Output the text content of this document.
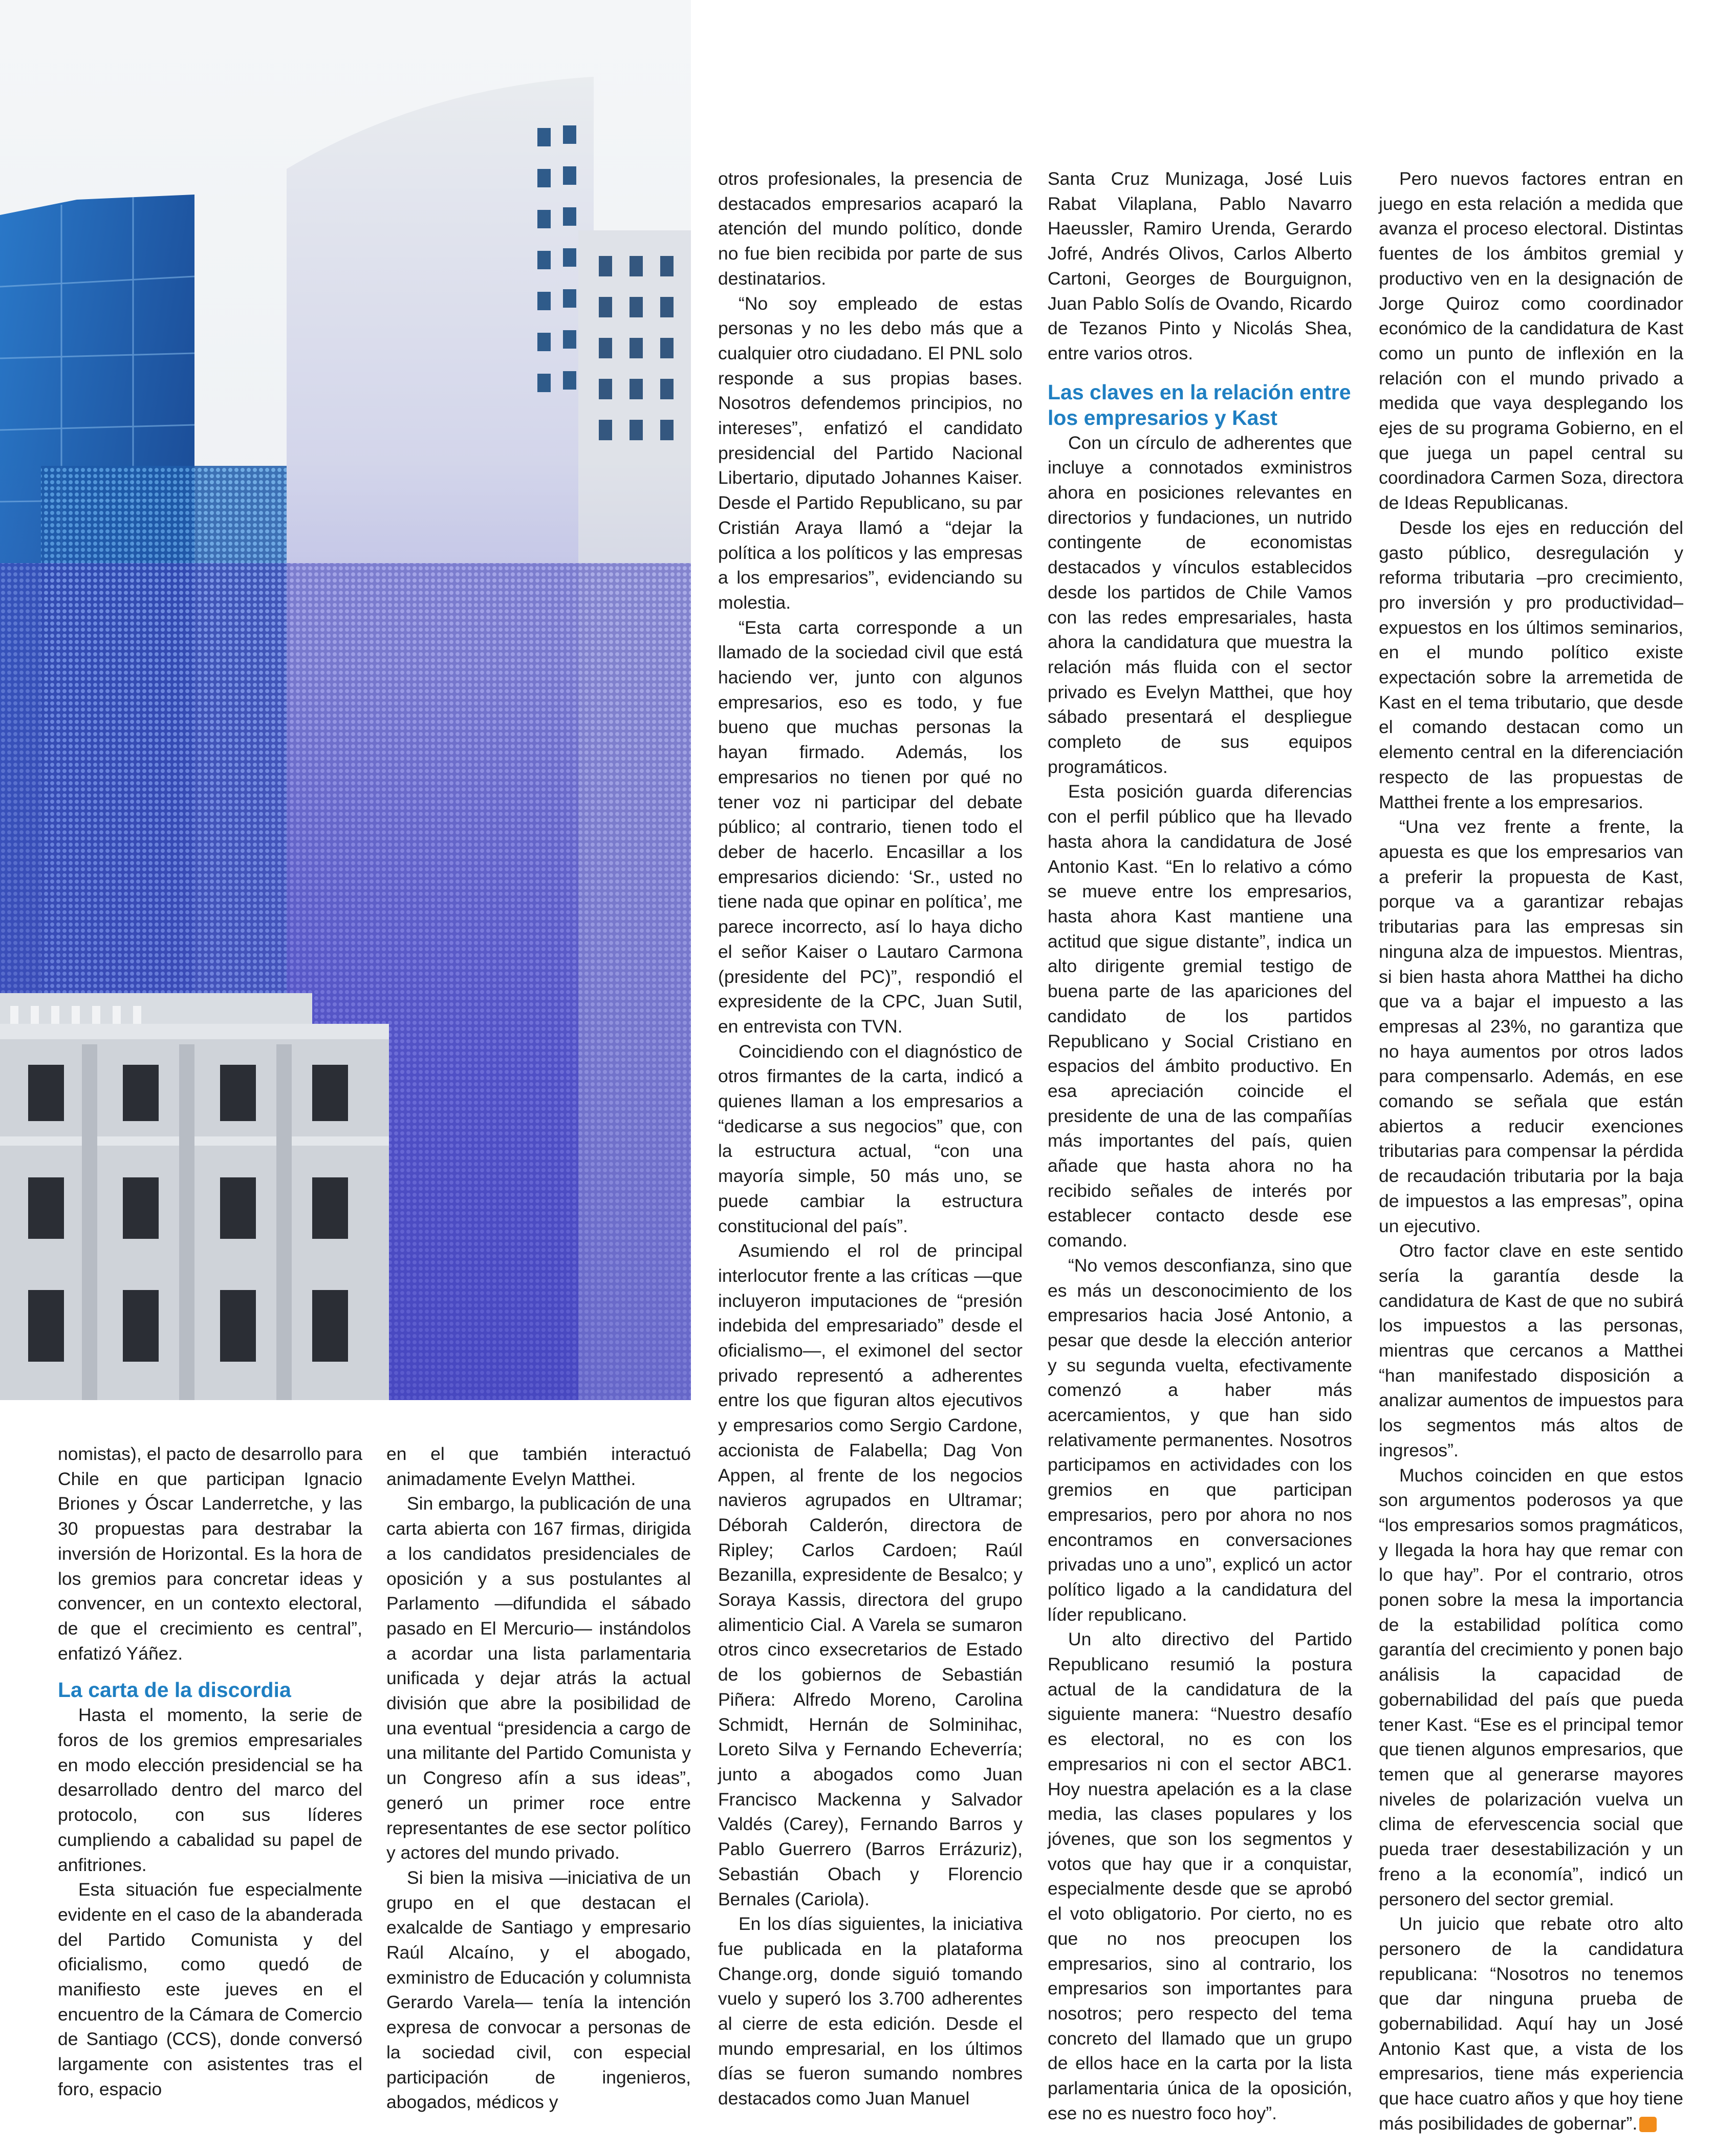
nomistas), el pacto de desarrollo para Chile en que participan Ignacio Briones y Óscar Landerretche, y las 30 propuestas para destrabar la inversión de Horizontal. Es la hora de los gremios para concretar ideas y convencer, en un contexto electoral, de que el crecimiento es central”, enfatizó Yáñez.

La carta de la discordia

Hasta el momento, la serie de foros de los gremios empresariales en modo elección presidencial se ha desarrollado dentro del marco del protocolo, con sus líderes cumpliendo a cabalidad su papel de anfitriones.

Esta situación fue especialmente evidente en el caso de la abanderada del Partido Comunista y del oficialismo, como quedó de manifiesto este jueves en el encuentro de la Cámara de Comercio de Santiago (CCS), donde conversó largamente con asistentes tras el foro, espacio

en el que también interactuó animadamente Evelyn Matthei.

Sin embargo, la publicación de una carta abierta con 167 firmas, dirigida a los candidatos presidenciales de oposición y a sus postulantes al Parlamento —difundida el sábado pasado en El Mercurio— instándolos a acordar una lista parlamentaria unificada y dejar atrás la actual división que abre la posibilidad de una eventual “presidencia a cargo de una militante del Partido Comunista y un Congreso afín a sus ideas”, generó un primer roce entre representantes de ese sector político y actores del mundo privado.

Si bien la misiva —iniciativa de un grupo en el que destacan el exalcalde de Santiago y empresario Raúl Alcaíno, y el abogado, exministro de Educación y columnista Gerardo Varela— tenía la intención expresa de convocar a personas de la sociedad civil, con especial participación de ingenieros, abogados, médicos y

otros profesionales, la presencia de destacados empresarios acaparó la atención del mundo político, donde no fue bien recibida por parte de sus destinatarios.

“No soy empleado de estas personas y no les debo más que a cualquier otro ciudadano. El PNL solo responde a sus propias bases. Nosotros defendemos principios, no intereses”, enfatizó el candidato presidencial del Partido Nacional Libertario, diputado Johannes Kaiser. Desde el Partido Republicano, su par Cristián Araya llamó a “dejar la política a los políticos y las empresas a los empresarios”, evidenciando su molestia.

“Esta carta corresponde a un llamado de la sociedad civil que está haciendo ver, junto con algunos empresarios, eso es todo, y fue bueno que muchas personas la hayan firmado. Además, los empresarios no tienen por qué no tener voz ni participar del debate público; al contrario, tienen todo el deber de hacerlo. Encasillar a los empresarios diciendo: ‘Sr., usted no tiene nada que opinar en política’, me parece incorrecto, así lo haya dicho el señor Kaiser o Lautaro Carmona (presidente del PC)”, respondió el expresidente de la CPC, Juan Sutil, en entrevista con TVN.

Coincidiendo con el diagnóstico de otros firmantes de la carta, indicó a quienes llaman a los empresarios a “dedicarse a sus negocios” que, con la estructura actual, “con una mayoría simple, 50 más uno, se puede cambiar la estructura constitucional del país”.

Asumiendo el rol de principal interlocutor frente a las críticas —que incluyeron imputaciones de “presión indebida del empresariado” desde el oficialismo—, el eximonel del sector privado representó a adherentes entre los que figuran altos ejecutivos y empresarios como Sergio Cardone, accionista de Falabella; Dag Von Appen, al frente de los negocios navieros agrupados en Ultramar; Déborah Calderón, directora de Ripley; Carlos Cardoen; Raúl Bezanilla, expresidente de Besalco; y Soraya Kassis, directora del grupo alimenticio Cial. A Varela se sumaron otros cinco exsecretarios de Estado de los gobiernos de Sebastián Piñera: Alfredo Moreno, Carolina Schmidt, Hernán de Solminihac, Loreto Silva y Fernando Echeverría; junto a abogados como Juan Francisco Mackenna y Salvador Valdés (Carey), Fernando Barros y Pablo Guerrero (Barros Errázuriz), Sebastián Obach y Florencio Bernales (Cariola).

En los días siguientes, la iniciativa fue publicada en la plataforma Change.org, donde siguió tomando vuelo y superó los 3.700 adherentes al cierre de esta edición. Desde el mundo empresarial, en los últimos días se fueron sumando nombres destacados como Juan Manuel

Santa Cruz Munizaga, José Luis Rabat Vilaplana, Pablo Navarro Haeussler, Ramiro Urenda, Gerardo Jofré, Andrés Olivos, Carlos Alberto Cartoni, Georges de Bourguignon, Juan Pablo Solís de Ovando, Ricardo de Tezanos Pinto y Nicolás Shea, entre varios otros.

Las claves en la relación entre los empresarios y Kast

Con un círculo de adherentes que incluye a connotados exministros ahora en posiciones relevantes en directorios y fundaciones, un nutrido contingente de economistas destacados y vínculos establecidos desde los partidos de Chile Vamos con las redes empresariales, hasta ahora la candidatura que muestra la relación más fluida con el sector privado es Evelyn Matthei, que hoy sábado presentará el despliegue completo de sus equipos programáticos.

Esta posición guarda diferencias con el perfil público que ha llevado hasta ahora la candidatura de José Antonio Kast. “En lo relativo a cómo se mueve entre los empresarios, hasta ahora Kast mantiene una actitud que sigue distante”, indica un alto dirigente gremial testigo de buena parte de las apariciones del candidato de los partidos Republicano y Social Cristiano en espacios del ámbito productivo. En esa apreciación coincide el presidente de una de las compañías más importantes del país, quien añade que hasta ahora no ha recibido señales de interés por establecer contacto desde ese comando.

“No vemos desconfianza, sino que es más un desconocimiento de los empresarios hacia José Antonio, a pesar que desde la elección anterior y su segunda vuelta, efectivamente comenzó a haber más acercamientos, y que han sido relativamente permanentes. Nosotros participamos en actividades con los gremios en que participan empresarios, pero por ahora no nos encontramos en conversaciones privadas uno a uno”, explicó un actor político ligado a la candidatura del líder republicano.

Un alto directivo del Partido Republicano resumió la postura actual de la candidatura de la siguiente manera: “Nuestro desafío es electoral, no es con los empresarios ni con el sector ABC1. Hoy nuestra apelación es a la clase media, las clases populares y los jóvenes, que son los segmentos y votos que hay que ir a conquistar, especialmente desde que se aprobó el voto obligatorio. Por cierto, no es que no nos preocupen los empresarios, sino al contrario, los empresarios son importantes para nosotros; pero respecto del tema concreto del llamado que un grupo de ellos hace en la carta por la lista parlamentaria única de la oposición, ese no es nuestro foco hoy”.

Pero nuevos factores entran en juego en esta relación a medida que avanza el proceso electoral. Distintas fuentes de los ámbitos gremial y productivo ven en la designación de Jorge Quiroz como coordinador económico de la candidatura de Kast como un punto de inflexión en la relación con el mundo privado a medida que vaya desplegando los ejes de su programa Gobierno, en el que juega un papel central su coordinadora Carmen Soza, directora de Ideas Republicanas.

Desde los ejes en reducción del gasto público, desregulación y reforma tributaria –pro crecimiento, pro inversión y pro productividad– expuestos en los últimos seminarios, en el mundo político existe expectación sobre la arremetida de Kast en el tema tributario, que desde el comando destacan como un elemento central en la diferenciación respecto de las propuestas de Matthei frente a los empresarios.

“Una vez frente a frente, la apuesta es que los empresarios van a preferir la propuesta de Kast, porque va a garantizar rebajas tributarias para las empresas sin ninguna alza de impuestos. Mientras, si bien hasta ahora Matthei ha dicho que va a bajar el impuesto a las empresas al 23%, no garantiza que no haya aumentos por otros lados para compensarlo. Además, en ese comando se señala que están abiertos a reducir exenciones tributarias para compensar la pérdida de recaudación tributaria por la baja de impuestos a las empresas”, opina un ejecutivo.

Otro factor clave en este sentido sería la garantía desde la candidatura de Kast de que no subirá los impuestos a las personas, mientras que cercanos a Matthei “han manifestado disposición a analizar aumentos de impuestos para los segmentos más altos de ingresos”.

Muchos coinciden en que estos son argumentos poderosos ya que “los empresarios somos pragmáticos, y llegada la hora hay que remar con lo que hay”. Por el contrario, otros ponen sobre la mesa la importancia de la estabilidad política como garantía del crecimiento y ponen bajo análisis la capacidad de gobernabilidad del país que pueda tener Kast. “Ese es el principal temor que tienen algunos empresarios, que temen que al generarse mayores niveles de polarización vuelva un clima de efervescencia social que pueda traer desestabilización y un freno a la economía”, indicó un personero del sector gremial.

Un juicio que rebate otro alto personero de la candidatura republicana: “Nosotros no tenemos que dar ninguna prueba de gobernabilidad. Aquí hay un José Antonio Kast que, a vista de los empresarios, tiene más experiencia que hace cuatro años y que hoy tiene más posibilidades de gobernar”.S
